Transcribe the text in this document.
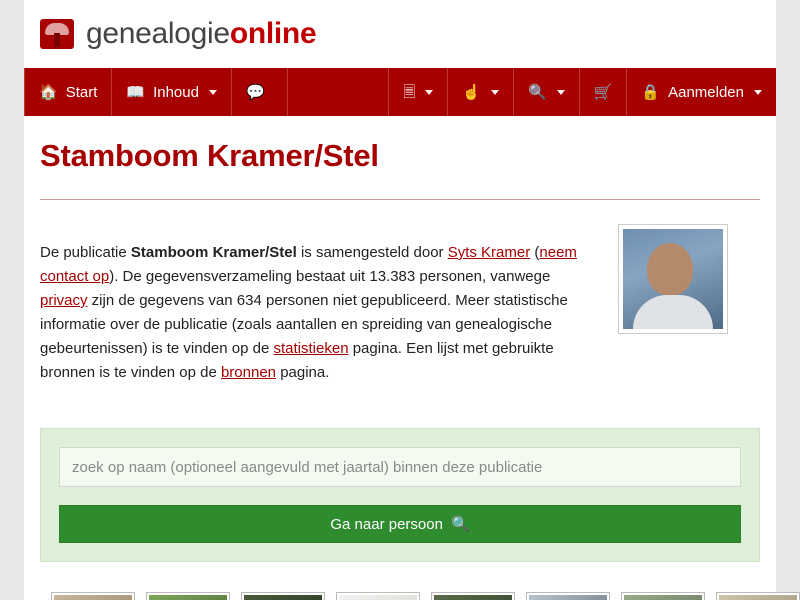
genealogieonline
🏠 Start 📖 Inhoud	💬	🗏	☝	🔍	🛒 🔒 Aanmelden
Stamboom Kramer/Stel

De publicatie Stamboom Kramer/Stel is samengesteld door Syts Kramer (neem contact op). De gegevensverzameling bestaat uit 13.383 personen, vanwege privacy zijn de gegevens van 634 personen niet gepubliceerd. Meer statistische informatie over de publicatie (zoals aantallen en spreiding van genealogische gebeurtenissen) is te vinden op de statistieken pagina. Een lijst met gebruikte bronnen is te vinden op de bronnen pagina.

zoek op naam (optioneel aangevuld met jaartal) binnen deze publicatie
Ga naar persoon 🔍
